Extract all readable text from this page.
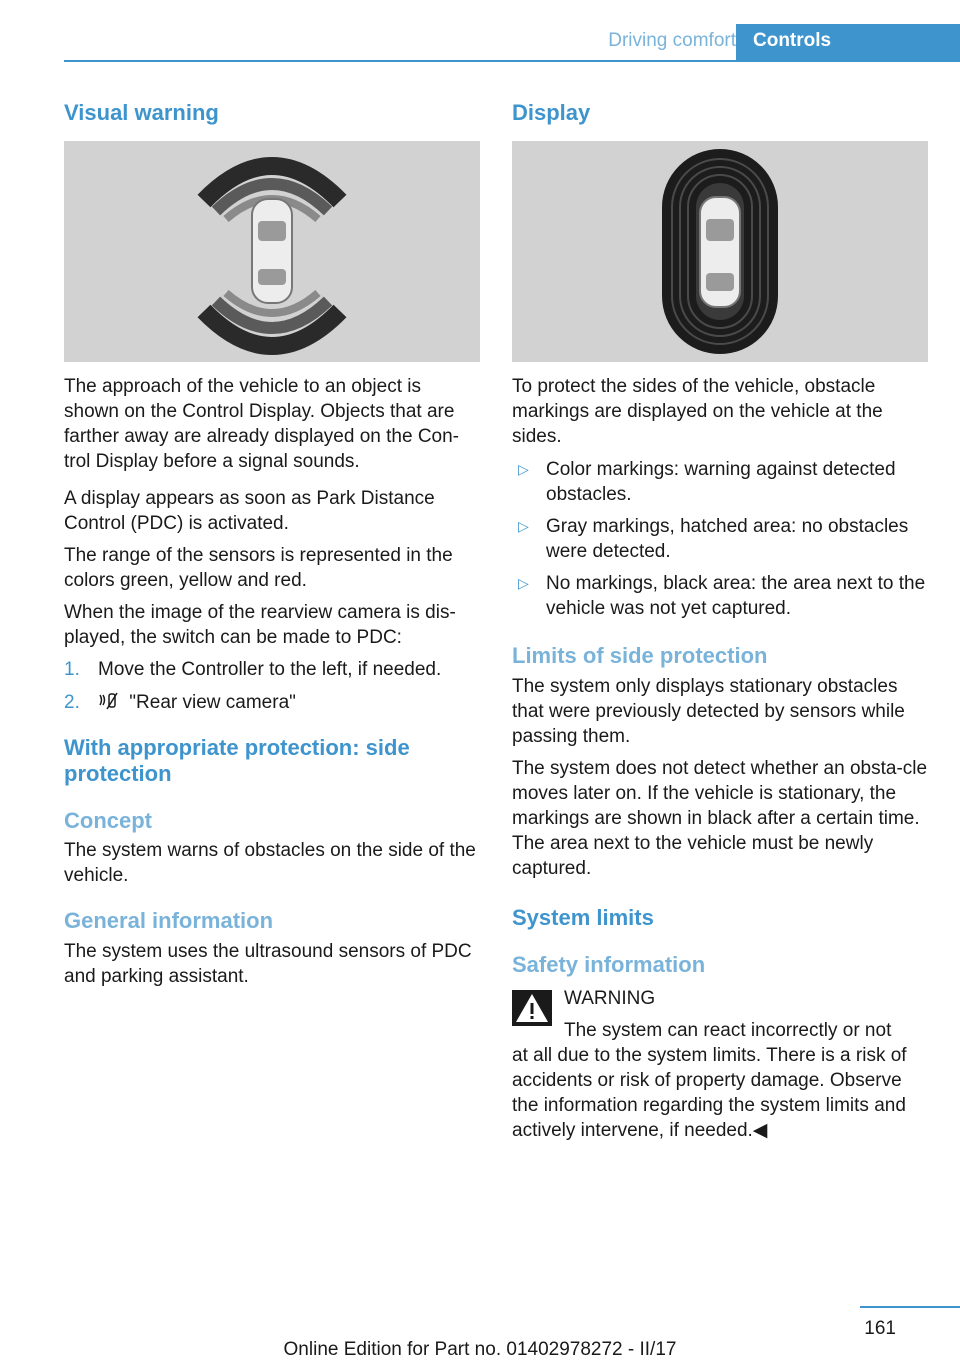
Driving comfort Controls
Visual warning

The approach of the vehicle to an object is shown on the Control Display. Objects that are farther away are already displayed on the Con‐trol Display before a signal sounds.

A display appears as soon as Park Distance Control (PDC) is activated.

The range of the sensors is represented in the colors green, yellow and red.

When the image of the rearview camera is dis‐played, the switch can be made to PDC:

1. Move the Controller to the left, if needed.
2.	"Rear view camera"
With appropriate protection: side protection
Concept

The system warns of obstacles on the side of the vehicle.

General information

The system uses the ultrasound sensors of PDC and parking assistant.

Display

To protect the sides of the vehicle, obstacle markings are displayed on the vehicle at the sides.

▷ Color markings: warning against detected obstacles.
▷ Gray markings, hatched area: no obstacles were detected.
▷ No markings, black area: the area next to the vehicle was not yet captured.
Limits of side protection

The system only displays stationary obstacles that were previously detected by sensors while passing them.

The system does not detect whether an obsta‐cle moves later on. If the vehicle is stationary, the markings are shown in black after a certain time. The area next to the vehicle must be newly captured.

System limits
Safety information
WARNING

The system can react incorrectly or not

at all due to the system limits. There is a risk of accidents or risk of property damage. Observe the information regarding the system limits and actively intervene, if needed.◀

161
Online Edition for Part no. 01402978272 - II/17
